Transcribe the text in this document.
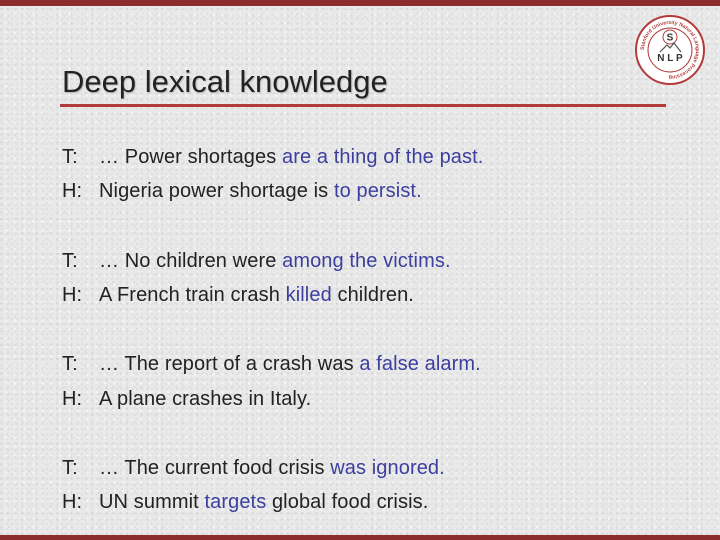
Deep lexical knowledge
Stanford University Natural Language Processing
S
N L P
T: … Power shortages are a thing of the past.
H: Nigeria power shortage is to persist.
T: … No children were among the victims.
H: A French train crash killed children.
T: … The report of a crash was a false alarm.
H: A plane crashes in Italy.
T: … The current food crisis was ignored.
H: UN summit targets global food crisis.
